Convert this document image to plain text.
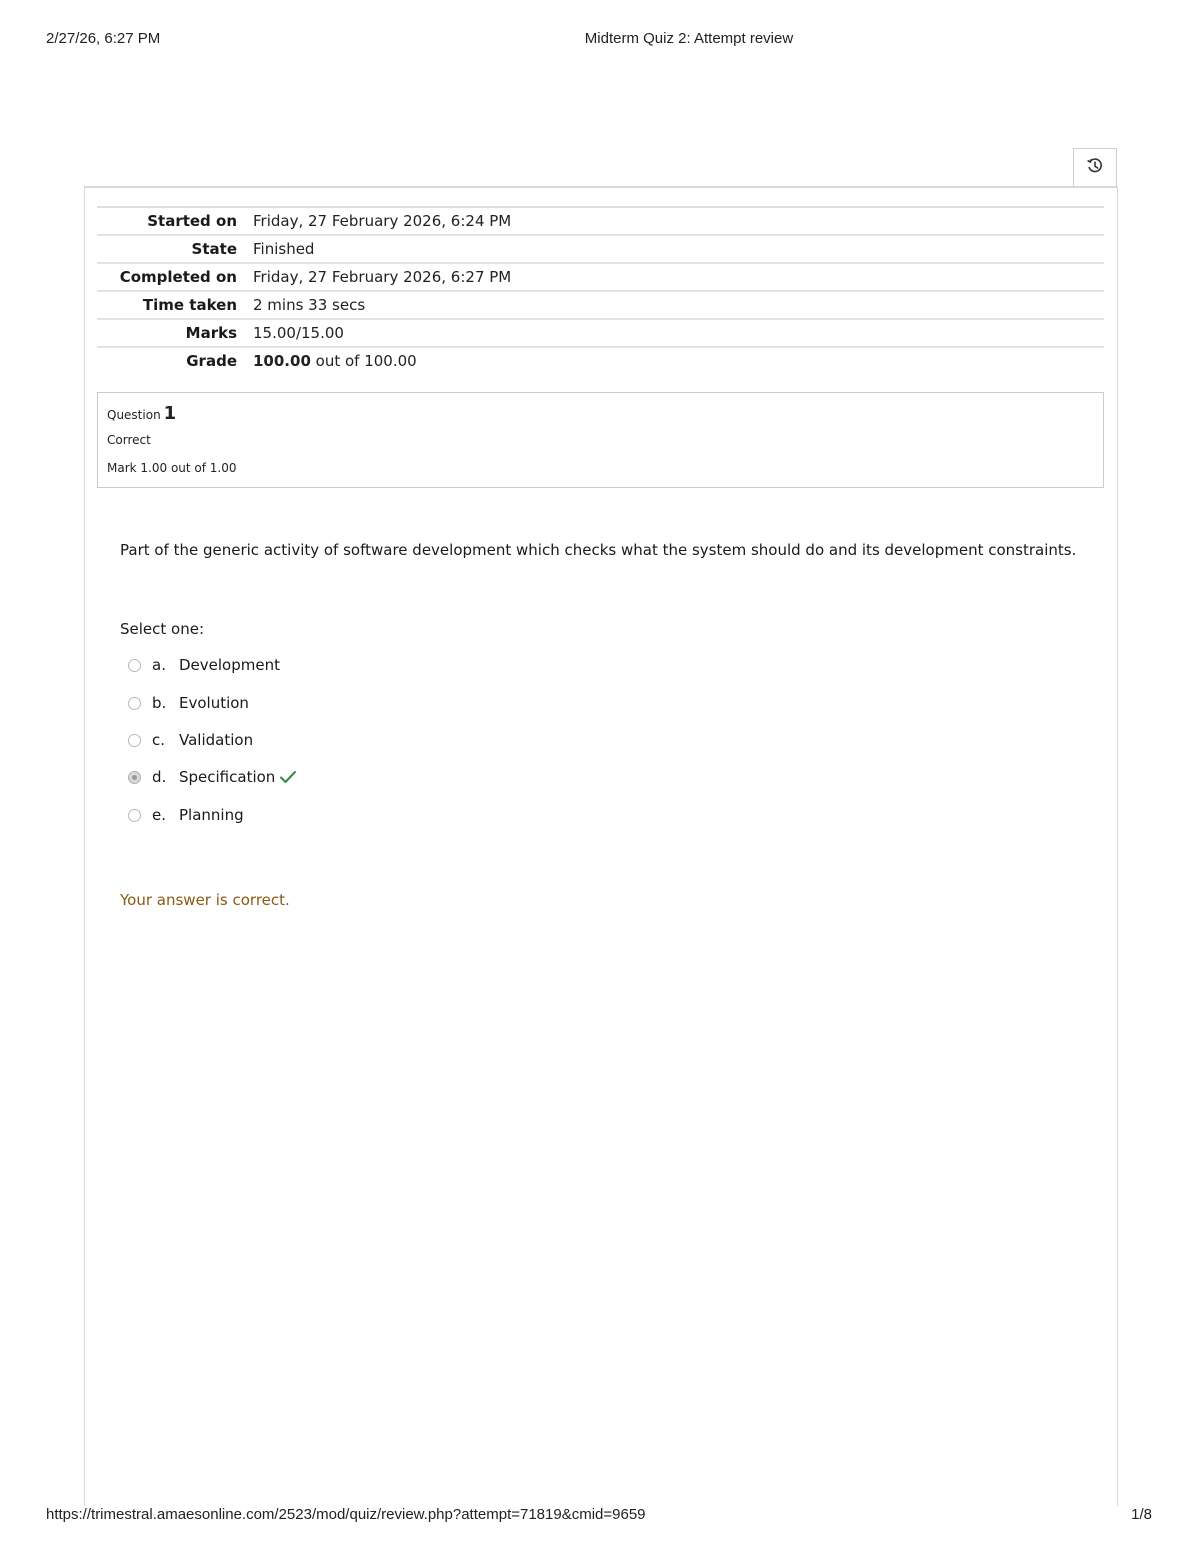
2/27/26, 6:27 PM	Midterm Quiz 2: Attempt review
Started on	Friday, 27 February 2026, 6:24 PM
State	Finished
Completed on	Friday, 27 February 2026, 6:27 PM
Time taken	2 mins 33 secs
Marks	15.00/15.00
Grade	100.00 out of 100.00
Question 1
Correct
Mark 1.00 out of 1.00
Part of the generic activity of software development which checks what the system should do and its development constraints.
Select one:
a. Development
b. Evolution
c. Validation
d. Specification
e. Planning
Your answer is correct.
https://trimestral.amaesonline.com/2523/mod/quiz/review.php?attempt=71819&cmid=9659	1/8
